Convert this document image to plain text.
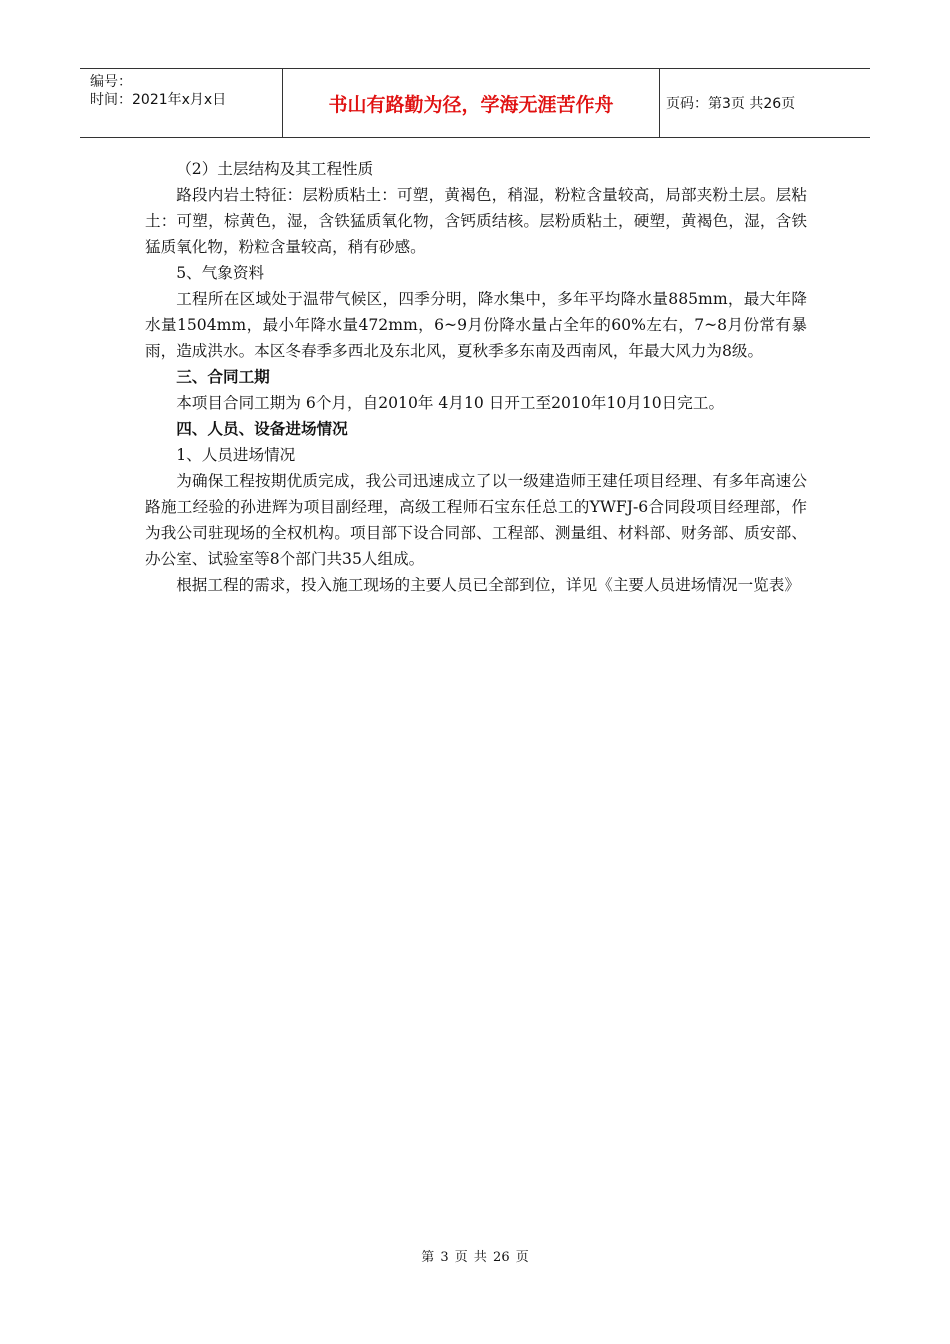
编号：
时间：2021年x月x日	书山有路勤为径，学海无涯苦作舟	页码：第3页 共26页

（2）土层结构及其工程性质

路段内岩土特征：层粉质粘土：可塑，黄褐色，稍湿，粉粒含量较高，局部夹粉土层。层粘土：可塑，棕黄色，湿，含铁猛质氧化物，含钙质结核。层粉质粘土，硬塑，黄褐色，湿，含铁猛质氧化物，粉粒含量较高，稍有砂感。

5、气象资料

工程所在区域处于温带气候区，四季分明，降水集中，多年平均降水量885mm，最大年降水量1504mm，最小年降水量472mm，6~9月份降水量占全年的60%左右，7~8月份常有暴雨，造成洪水。本区冬春季多西北及东北风，夏秋季多东南及西南风，年最大风力为8级。

三、合同工期

本项目合同工期为 6个月，自2010年 4月10 日开工至2010年10月10日完工。

四、人员、设备进场情况

1、人员进场情况

为确保工程按期优质完成，我公司迅速成立了以一级建造师王建任项目经理、有多年高速公路施工经验的孙进辉为项目副经理，高级工程师石宝东任总工的YWFJ-6合同段项目经理部，作为我公司驻现场的全权机构。项目部下设合同部、工程部、测量组、材料部、财务部、质安部、办公室、试验室等8个部门共35人组成。

根据工程的需求，投入施工现场的主要人员已全部到位，详见《主要人员进场情况一览表》

第 3 页 共 26 页
